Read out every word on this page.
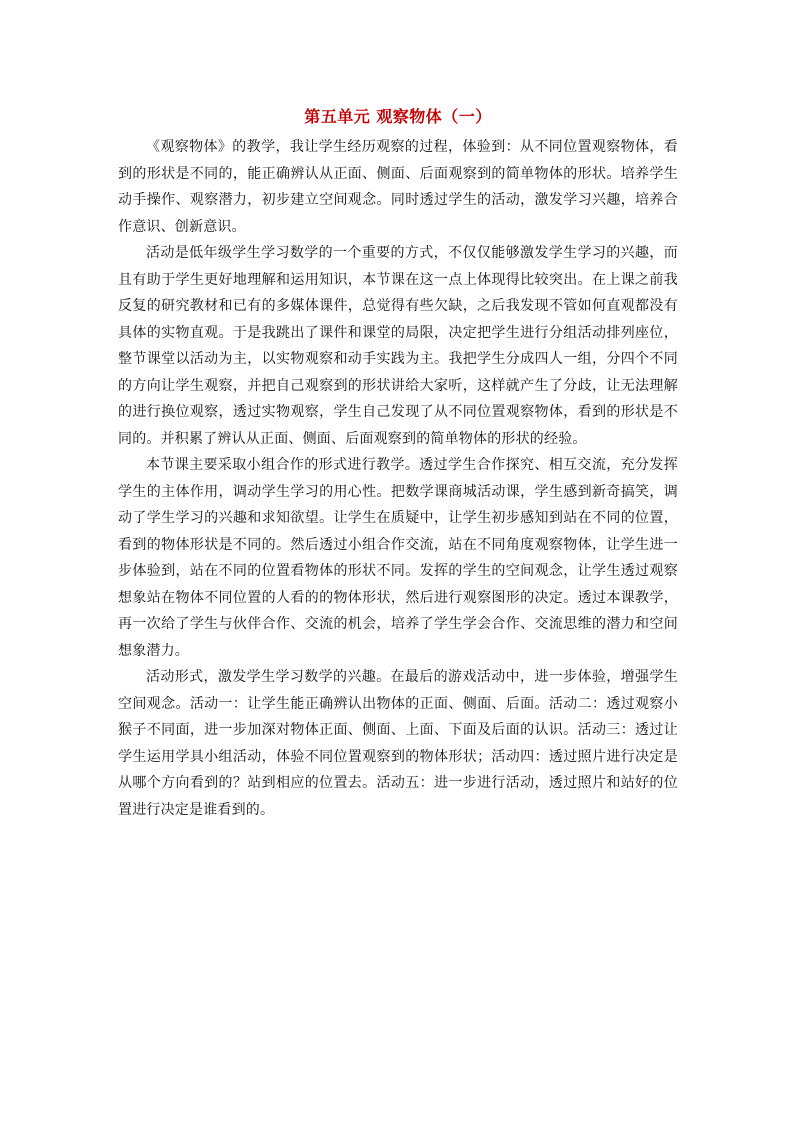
第五单元 观察物体（一）

《观察物体》的教学，我让学生经历观察的过程，体验到：从不同位置观察物体，看到的形状是不同的，能正确辨认从正面、侧面、后面观察到的简单物体的形状。培养学生动手操作、观察潜力，初步建立空间观念。同时透过学生的活动，激发学习兴趣，培养合作意识、创新意识。

活动是低年级学生学习数学的一个重要的方式，不仅仅能够激发学生学习的兴趣，而且有助于学生更好地理解和运用知识，本节课在这一点上体现得比较突出。在上课之前我反复的研究教材和已有的多媒体课件，总觉得有些欠缺，之后我发现不管如何直观都没有具体的实物直观。于是我跳出了课件和课堂的局限，决定把学生进行分组活动排列座位，整节课堂以活动为主，以实物观察和动手实践为主。我把学生分成四人一组，分四个不同的方向让学生观察，并把自己观察到的形状讲给大家听，这样就产生了分歧，让无法理解的进行换位观察，透过实物观察，学生自己发现了从不同位置观察物体，看到的形状是不同的。并积累了辨认从正面、侧面、后面观察到的简单物体的形状的经验。

本节课主要采取小组合作的形式进行教学。透过学生合作探究、相互交流，充分发挥学生的主体作用，调动学生学习的用心性。把数学课商城活动课，学生感到新奇搞笑，调动了学生学习的兴趣和求知欲望。让学生在质疑中，让学生初步感知到站在不同的位置，看到的物体形状是不同的。然后透过小组合作交流，站在不同角度观察物体，让学生进一步体验到，站在不同的位置看物体的形状不同。发挥的学生的空间观念，让学生透过观察想象站在物体不同位置的人看的的物体形状，然后进行观察图形的决定。透过本课教学，再一次给了学生与伙伴合作、交流的机会，培养了学生学会合作、交流思维的潜力和空间想象潜力。

活动形式，激发学生学习数学的兴趣。在最后的游戏活动中，进一步体验，增强学生空间观念。活动一：让学生能正确辨认出物体的正面、侧面、后面。活动二：透过观察小猴子不同面，进一步加深对物体正面、侧面、上面、下面及后面的认识。活动三：透过让学生运用学具小组活动，体验不同位置观察到的物体形状；活动四：透过照片进行决定是从哪个方向看到的？站到相应的位置去。活动五：进一步进行活动，透过照片和站好的位置进行决定是谁看到的。
